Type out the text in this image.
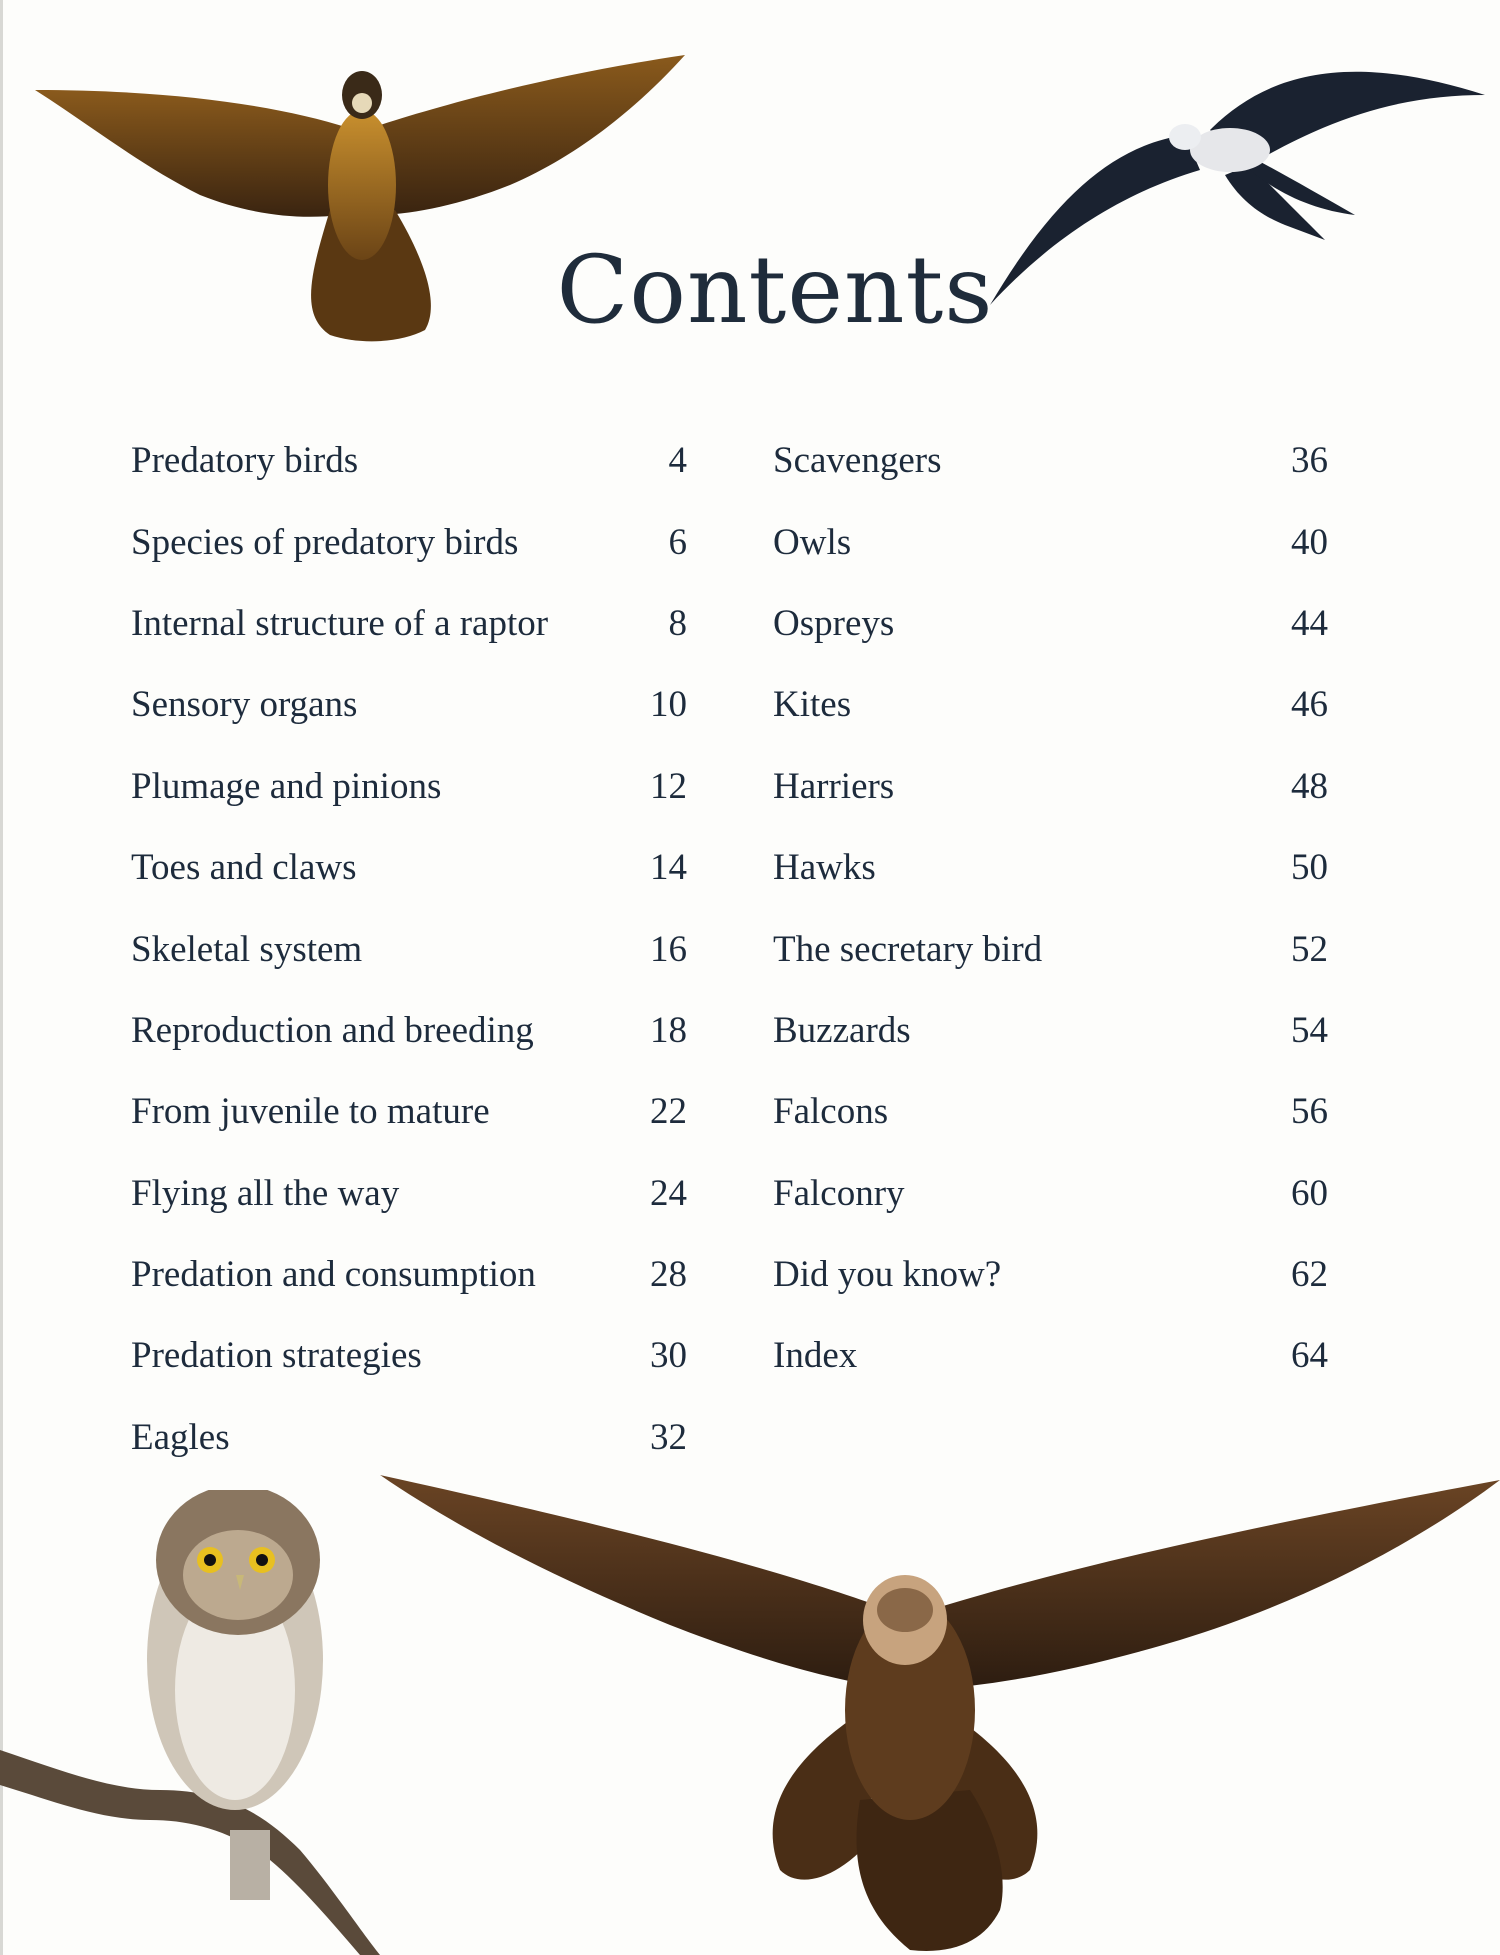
Contents
Predatory birds	4
Species of predatory birds	6
Internal structure of a raptor	8
Sensory organs	10
Plumage and pinions	12
Toes and claws	14
Skeletal system	16
Reproduction and breeding	18
From juvenile to mature	22
Flying all the way	24
Predation and consumption	28
Predation strategies	30
Eagles	32
Scavengers	36
Owls	40
Ospreys	44
Kites	46
Harriers	48
Hawks	50
The secretary bird	52
Buzzards	54
Falcons	56
Falconry	60
Did you know?	62
Index	64
